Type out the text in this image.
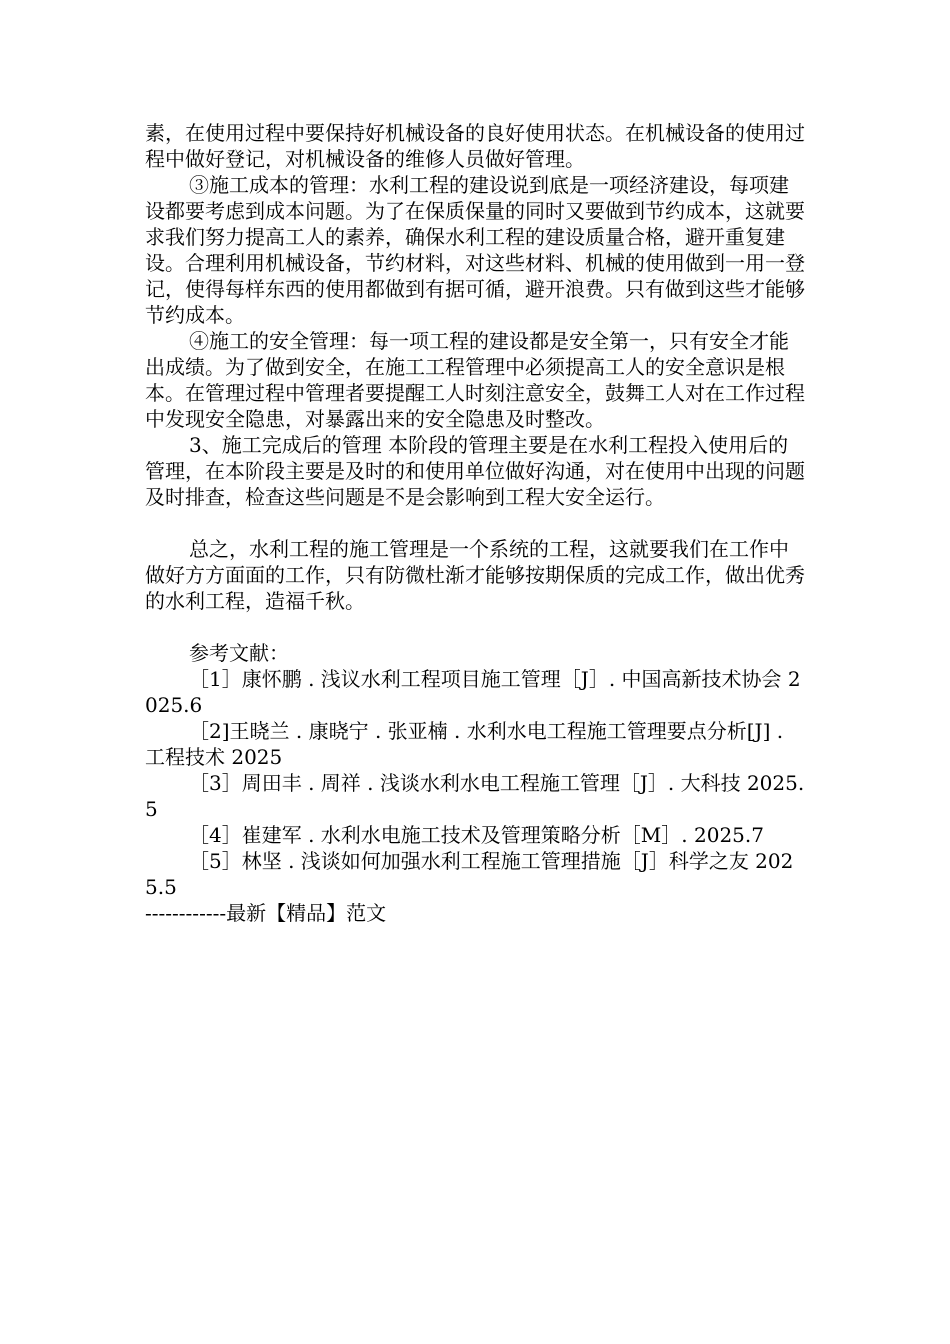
素，在使用过程中要保持好机械设备的良好使用状态。在机械设备的使用过程中做好登记，对机械设备的维修人员做好管理。

③施工成本的管理：水利工程的建设说到底是一项经济建设，每项建设都要考虑到成本问题。为了在保质保量的同时又要做到节约成本，这就要求我们努力提高工人的素养，确保水利工程的建设质量合格，避开重复建设。合理利用机械设备，节约材料，对这些材料、机械的使用做到一用一登记，使得每样东西的使用都做到有据可循，避开浪费。只有做到这些才能够节约成本。

④施工的安全管理：每一项工程的建设都是安全第一，只有安全才能出成绩。为了做到安全，在施工工程管理中必须提高工人的安全意识是根本。在管理过程中管理者要提醒工人时刻注意安全，鼓舞工人对在工作过程中发现安全隐患，对暴露出来的安全隐患及时整改。

3、施工完成后的管理 本阶段的管理主要是在水利工程投入使用后的管理，在本阶段主要是及时的和使用单位做好沟通，对在使用中出现的问题及时排查，检查这些问题是不是会影响到工程大安全运行。

总之，水利工程的施工管理是一个系统的工程，这就要我们在工作中做好方方面面的工作，只有防微杜渐才能够按期保质的完成工作，做出优秀的水利工程，造福千秋。

参考文献：

［1］康怀鹏 . 浅议水利工程项目施工管理［J］. 中国高新技术协会 2025.6

［2]王晓兰 . 康晓宁 . 张亚楠 . 水利水电工程施工管理要点分析[J] . 工程技术 2025

［3］周田丰 . 周祥 . 浅谈水利水电工程施工管理［J］. 大科技 2025.5

［4］崔建军 . 水利水电施工技术及管理策略分析［M］. 2025.7

［5］林坚 . 浅谈如何加强水利工程施工管理措施［J］科学之友 2025.5

------------最新【精品】范文
